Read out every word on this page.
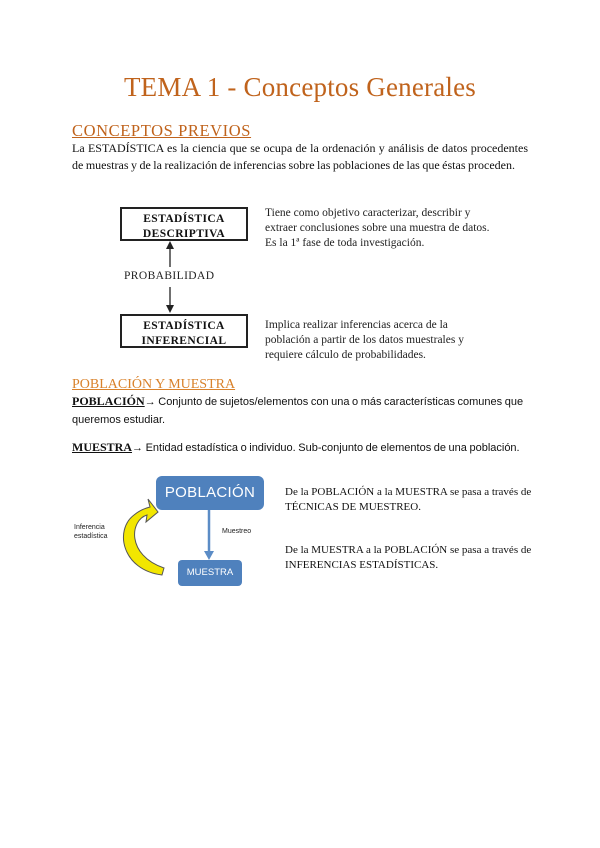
TEMA 1 - Conceptos Generales
CONCEPTOS PREVIOS
La ESTADÍSTICA es la ciencia que se ocupa de la ordenación y análisis de datos procedentes de muestras y de la realización de inferencias sobre las poblaciones de las que éstas proceden.
ESTADÍSTICA
DESCRIPTIVA
PROBABILIDAD
ESTADÍSTICA
INFERENCIAL
Tiene como objetivo caracterizar, describir y extraer conclusiones sobre una muestra de datos. Es la 1ª fase de toda investigación.
Implica realizar inferencias acerca de la población a partir de los datos muestrales y requiere cálculo de probabilidades.
POBLACIÓN Y MUESTRA
POBLACIÓN→ Conjunto de sujetos/elementos con una o más características comunes que queremos estudiar.
MUESTRA→ Entidad estadística o individuo. Sub-conjunto de elementos de una población.
POBLACIÓN
MUESTRA
Muestreo
Inferencia estadística
De la POBLACIÓN a la MUESTRA se pasa a través de TÉCNICAS DE MUESTREO.
De la MUESTRA a la POBLACIÓN se pasa a través de INFERENCIAS ESTADÍSTICAS.
